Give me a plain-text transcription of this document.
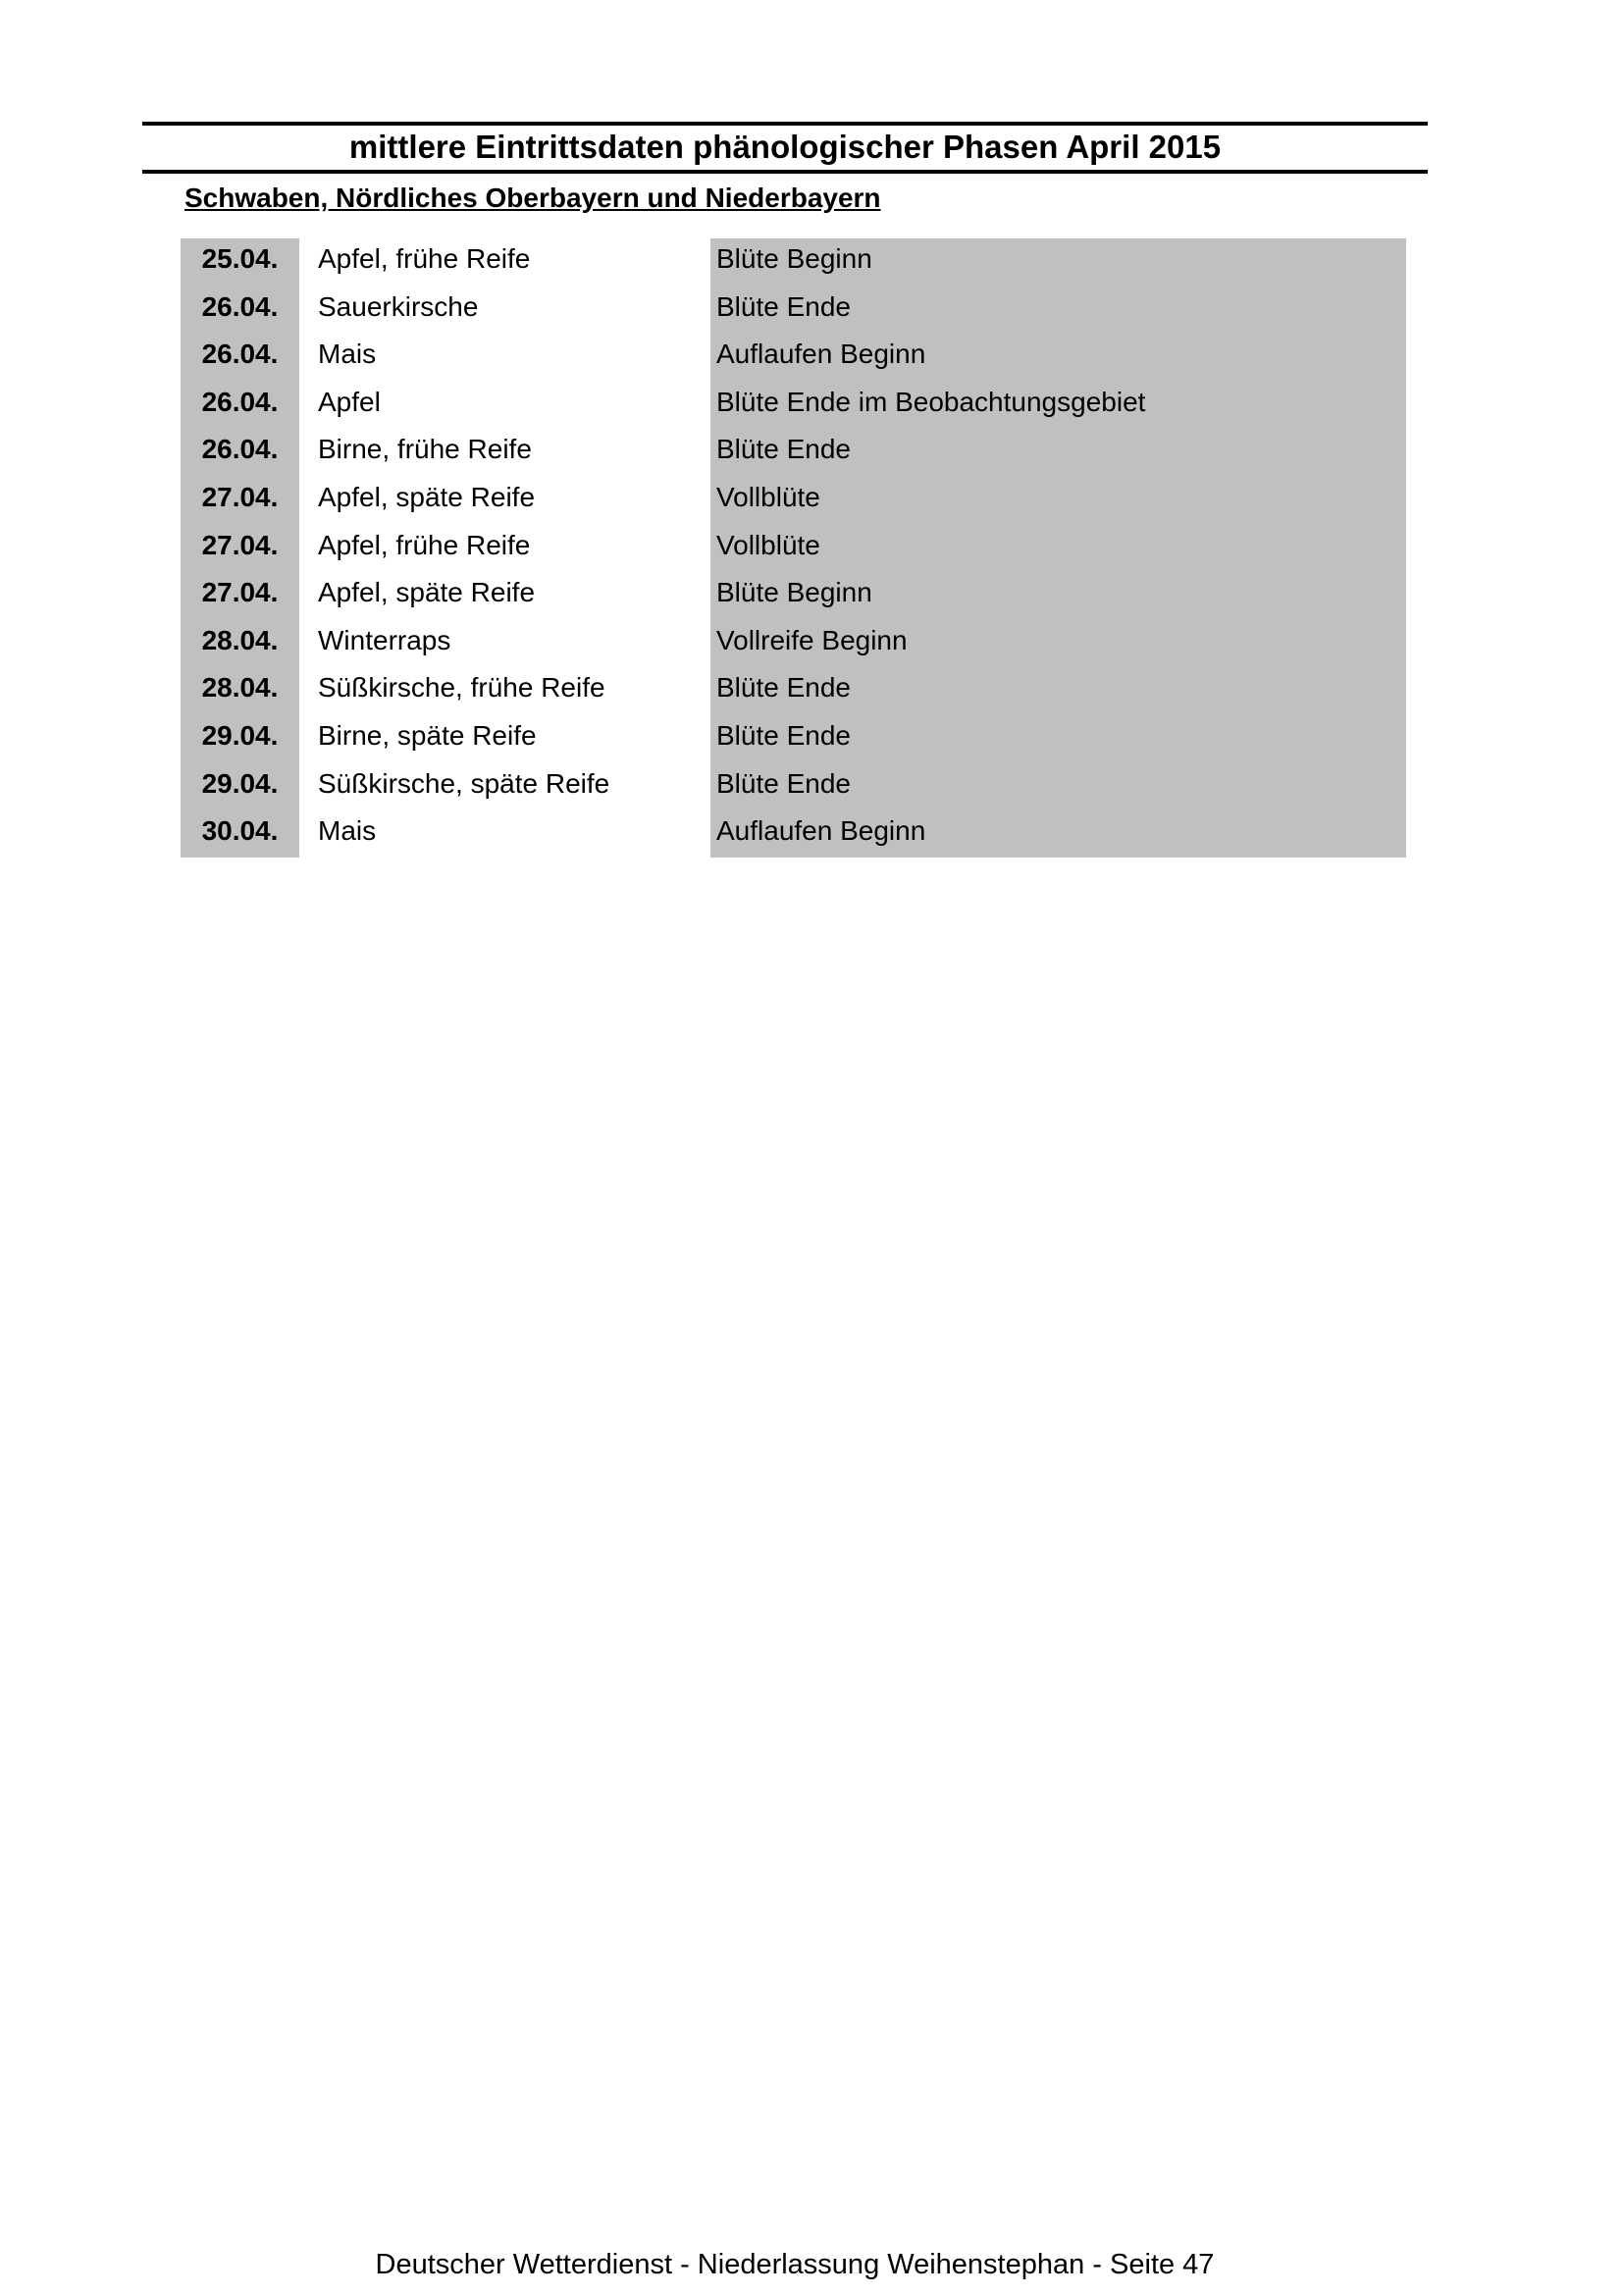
mittlere Eintrittsdaten phänologischer Phasen April 2015
Schwaben, Nördliches Oberbayern und Niederbayern
25.04.	Apfel, frühe Reife	Blüte Beginn
26.04.	Sauerkirsche	Blüte Ende
26.04.	Mais	Auflaufen Beginn
26.04.	Apfel	Blüte Ende im Beobachtungsgebiet
26.04.	Birne, frühe Reife	Blüte Ende
27.04.	Apfel, späte Reife	Vollblüte
27.04.	Apfel, frühe Reife	Vollblüte
27.04.	Apfel, späte Reife	Blüte Beginn
28.04.	Winterraps	Vollreife Beginn
28.04.	Süßkirsche, frühe Reife	Blüte Ende
29.04.	Birne, späte Reife	Blüte Ende
29.04.	Süßkirsche, späte Reife	Blüte Ende
30.04.	Mais	Auflaufen Beginn
Deutscher Wetterdienst - Niederlassung Weihenstephan - Seite 47
